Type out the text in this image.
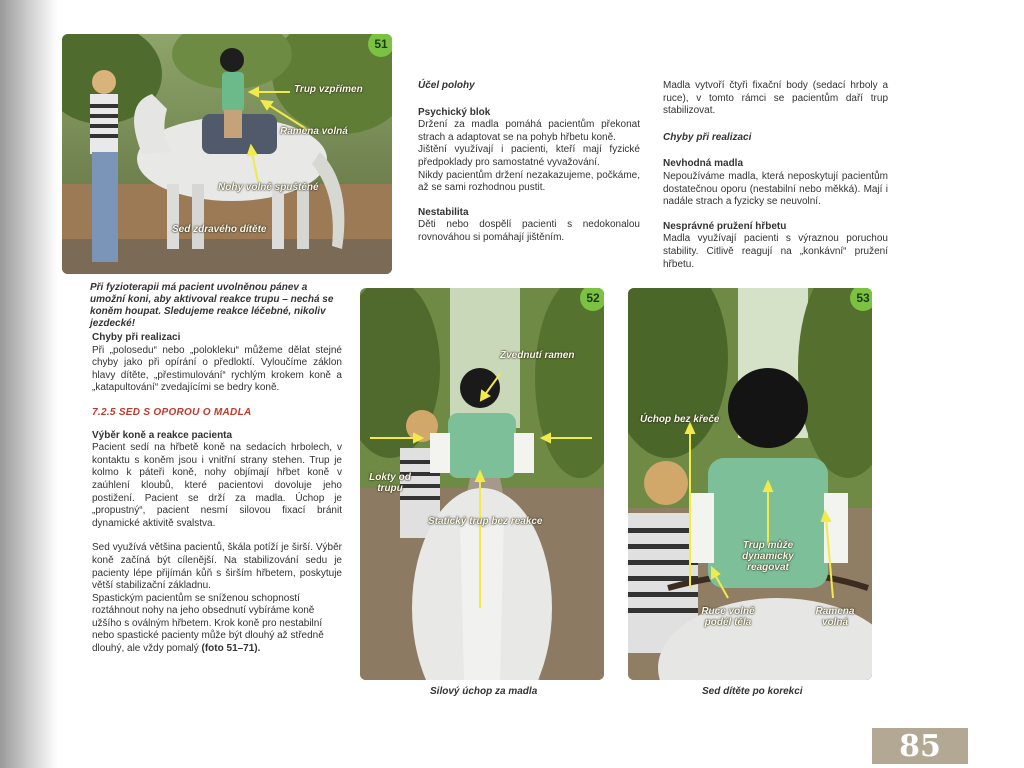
51
Trup vzpřímen
Ramena volná
Nohy volně spuštěné
Sed zdravého dítěte
Při fyzioterapii má pacient uvolněnou pánev a umožní koni, aby aktivoval reakce trupu – nechá se koněm houpat. Sledujeme reakce léčebné, nikoliv jezdecké!
Chyby při realizaci

Při „polosedu“ nebo „polokleku“ můžeme dělat stejné chyby jako při opírání o předloktí. Vyloučíme záklon hlavy dítěte, „přestimulování“ rychlým krokem koně a „katapultování“ zvedajícími se bedry koně.

7.2.5 SED S OPOROU O MADLA
Výběr koně a reakce pacienta

Pacient sedí na hřbetě koně na sedacích hrbolech, v kontaktu s koněm jsou i vnitřní strany stehen. Trup je kolmo k páteři koně, nohy objímají hřbet koně v zaúhlení kloubů, které pacientovi dovoluje jeho postižení. Pacient se drží za madla. Úchop je „propustný“, pacient nesmí silovou fixací bránit dynamické aktivitě svalstva.

Sed využívá většina pacientů, škála potíží je širší. Výběr koně začíná být cílenější. Na stabilizování sedu je pacienty lépe přijímán kůň s širším hřbetem, poskytuje větší stabilizační základnu.

Spastickým pacientům se sníženou schopností roztáhnout nohy na jeho obsednutí vybíráme koně užšího s oválným hřbetem. Krok koně pro nestabilní nebo spastické pacienty může být dlouhý až středně dlouhý, ale vždy pomalý (foto 51–71).
Účel polohy
Psychický blok

Držení za madla pomáhá pacientům překonat strach a adaptovat se na pohyb hřbetu koně.

Jištění využívají i pacienti, kteří mají fyzické předpoklady pro samostatné vyvažování.

Nikdy pacientům držení nezakazujeme, počkáme, až se sami rozhodnou pustit.

Nestabilita

Děti nebo dospělí pacienti s nedokonalou rovnováhou si pomáhají jištěním.

Madla vytvoří čtyři fixační body (sedací hrboly a ruce), v tomto rámci se pacientům daří trup stabilizovat.

Chyby při realizaci
Nevhodná madla

Nepoužíváme madla, která neposkytují pacientům dostatečnou oporu (nestabilní nebo měkká). Mají i nadále strach a fyzicky se neuvolní.

Nesprávné pružení hřbetu

Madla využívají pacienti s výraznou poruchou stability. Citlivě reagují na „konkávní“ pružení hřbetu.

52
Zvednutí ramen
Lokty od trupu
Statický trup bez reakce
Silový úchop za madla
53
Úchop bez křeče
Trup může dynamicky reagovat
Ruce volně podél těla
Ramena volná
Sed dítěte po korekci
85
